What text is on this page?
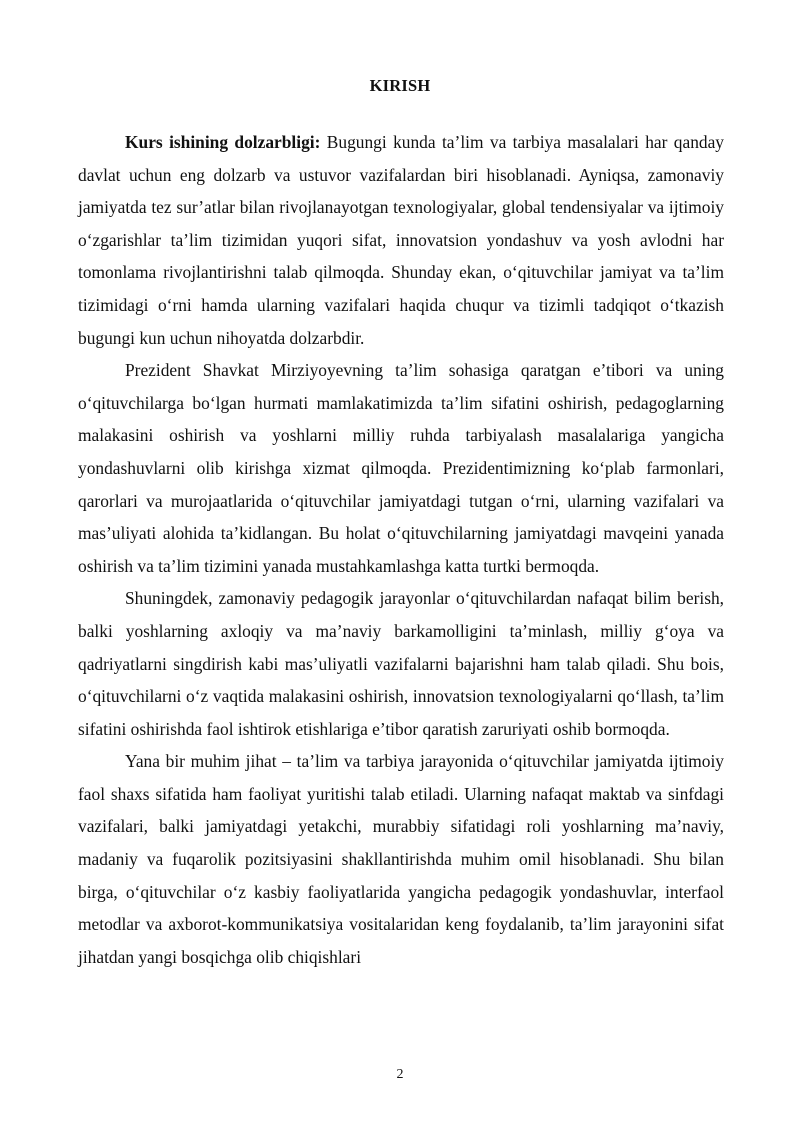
KIRISH

Kurs ishining dolzarbligi: Bugungi kunda ta’lim va tarbiya masalalari har qanday davlat uchun eng dolzarb va ustuvor vazifalardan biri hisoblanadi. Ayniqsa, zamonaviy jamiyatda tez sur’atlar bilan rivojlanayotgan texnologiyalar, global tendensiyalar va ijtimoiy o‘zgarishlar ta’lim tizimidan yuqori sifat, innovatsion yondashuv va yosh avlodni har tomonlama rivojlantirishni talab qilmoqda. Shunday ekan, o‘qituvchilar jamiyat va ta’lim tizimidagi o‘rni hamda ularning vazifalari haqida chuqur va tizimli tadqiqot o‘tkazish bugungi kun uchun nihoyatda dolzarbdir.

Prezident Shavkat Mirziyoyevning ta’lim sohasiga qaratgan e’tibori va uning o‘qituvchilarga bo‘lgan hurmati mamlakatimizda ta’lim sifatini oshirish, pedagoglarning malakasini oshirish va yoshlarni milliy ruhda tarbiyalash masalalariga yangicha yondashuvlarni olib kirishga xizmat qilmoqda. Prezidentimizning ko‘plab farmonlari, qarorlari va murojaatlarida o‘qituvchilar jamiyatdagi tutgan o‘rni, ularning vazifalari va mas’uliyati alohida ta’kidlangan. Bu holat o‘qituvchilarning jamiyatdagi mavqeini yanada oshirish va ta’lim tizimini yanada mustahkamlashga katta turtki bermoqda.

Shuningdek, zamonaviy pedagogik jarayonlar o‘qituvchilardan nafaqat bilim berish, balki yoshlarning axloqiy va ma’naviy barkamolligini ta’minlash, milliy g‘oya va qadriyatlarni singdirish kabi mas’uliyatli vazifalarni bajarishni ham talab qiladi. Shu bois, o‘qituvchilarni o‘z vaqtida malakasini oshirish, innovatsion texnologiyalarni qo‘llash, ta’lim sifatini oshirishda faol ishtirok etishlariga e’tibor qaratish zaruriyati oshib bormoqda.

Yana bir muhim jihat – ta’lim va tarbiya jarayonida o‘qituvchilar jamiyatda ijtimoiy faol shaxs sifatida ham faoliyat yuritishi talab etiladi. Ularning nafaqat maktab va sinfdagi vazifalari, balki jamiyatdagi yetakchi, murabbiy sifatidagi roli yoshlarning ma’naviy, madaniy va fuqarolik pozitsiyasini shakllantirishda muhim omil hisoblanadi. Shu bilan birga, o‘qituvchilar o‘z kasbiy faoliyatlarida yangicha pedagogik yondashuvlar, interfaol metodlar va axborot-kommunikatsiya vositalaridan keng foydalanib, ta’lim jarayonini sifat jihatdan yangi bosqichga olib chiqishlari

2
